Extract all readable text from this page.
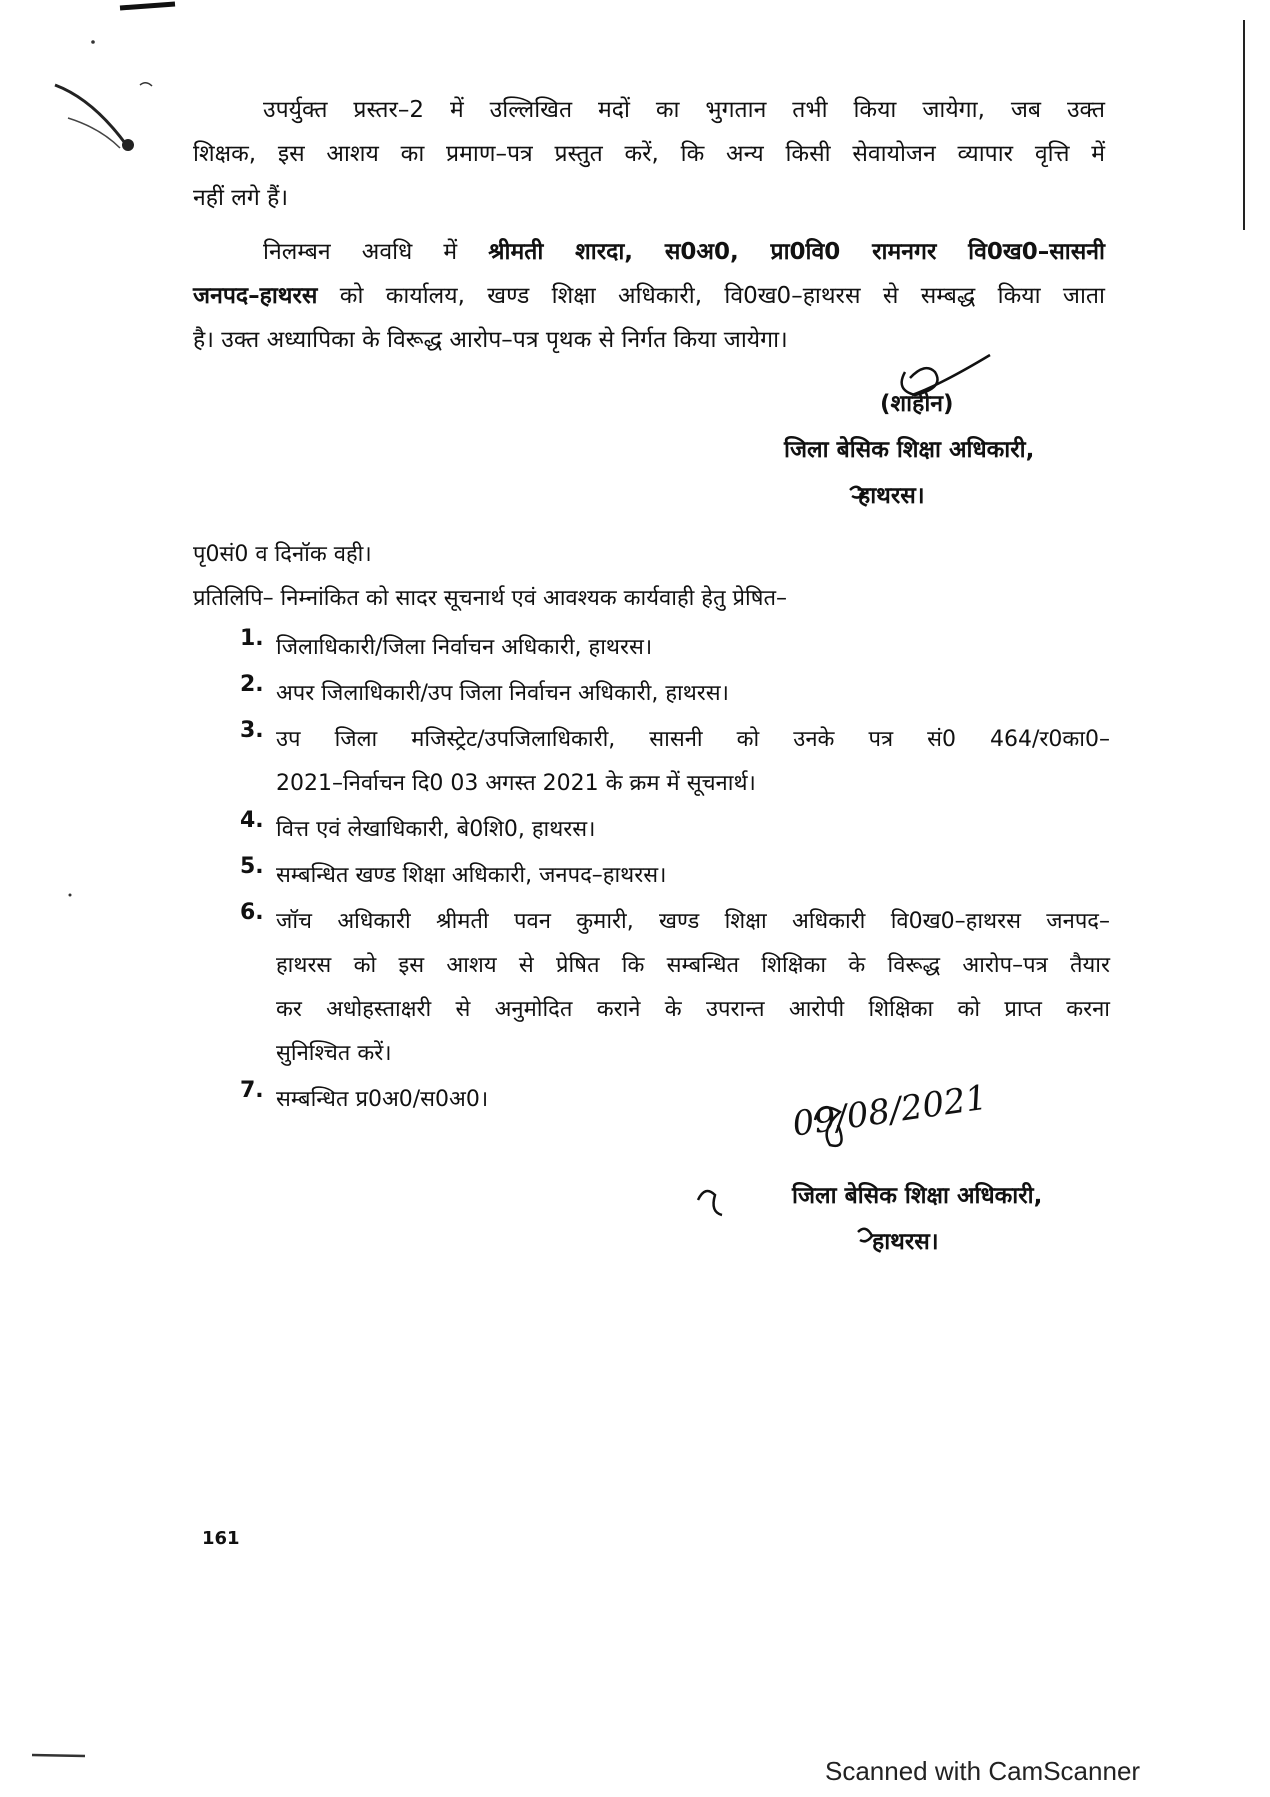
उपर्युक्त प्रस्तर–2 में उल्लिखित मदों का भुगतान तभी किया जायेगा, जब उक्त
शिक्षक, इस आशय का प्रमाण–पत्र प्रस्तुत करें, कि अन्य किसी सेवायोजन व्यापार वृत्ति में
नहीं लगे हैं।
निलम्बन अवधि में श्रीमती शारदा, स0अ0, प्रा0वि0 रामनगर वि0ख0–सासनी
जनपद–हाथरस को कार्यालय, खण्ड शिक्षा अधिकारी, वि0ख0–हाथरस से सम्बद्ध किया जाता
है। उक्त अध्यापिका के विरूद्ध आरोप–पत्र पृथक से निर्गत किया जायेगा।
(शाहीन)
जिला बेसिक शिक्षा अधिकारी,
हाथरस।
पृ0सं0 व दिनॉक वही।
प्रतिलिपि– निम्नांकित को सादर सूचनार्थ एवं आवश्यक कार्यवाही हेतु प्रेषित–
1. जिलाधिकारी/जिला निर्वाचन अधिकारी, हाथरस।
2. अपर जिलाधिकारी/उप जिला निर्वाचन अधिकारी, हाथरस।
3. उप जिला मजिस्ट्रेट/उपजिलाधिकारी, सासनी को उनके पत्र सं0 464/र0का0–
2021–निर्वाचन दि0 03 अगस्त 2021 के क्रम में सूचनार्थ।
4. वित्त एवं लेखाधिकारी, बे0शि0, हाथरस।
5. सम्बन्धित खण्ड शिक्षा अधिकारी, जनपद–हाथरस।
6. जॉच अधिकारी श्रीमती पवन कुमारी, खण्ड शिक्षा अधिकारी वि0ख0–हाथरस जनपद–
हाथरस को इस आशय से प्रेषित कि सम्बन्धित शिक्षिका के विरूद्ध आरोप–पत्र तैयार
कर अधोहस्ताक्षरी से अनुमोदित कराने के उपरान्त आरोपी शिक्षिका को प्राप्त करना
सुनिश्चित करें।
7. सम्बन्धित प्र0अ0/स0अ0।	09/08/2021
जिला बेसिक शिक्षा अधिकारी,
हाथरस।
161
Scanned with CamScanner
